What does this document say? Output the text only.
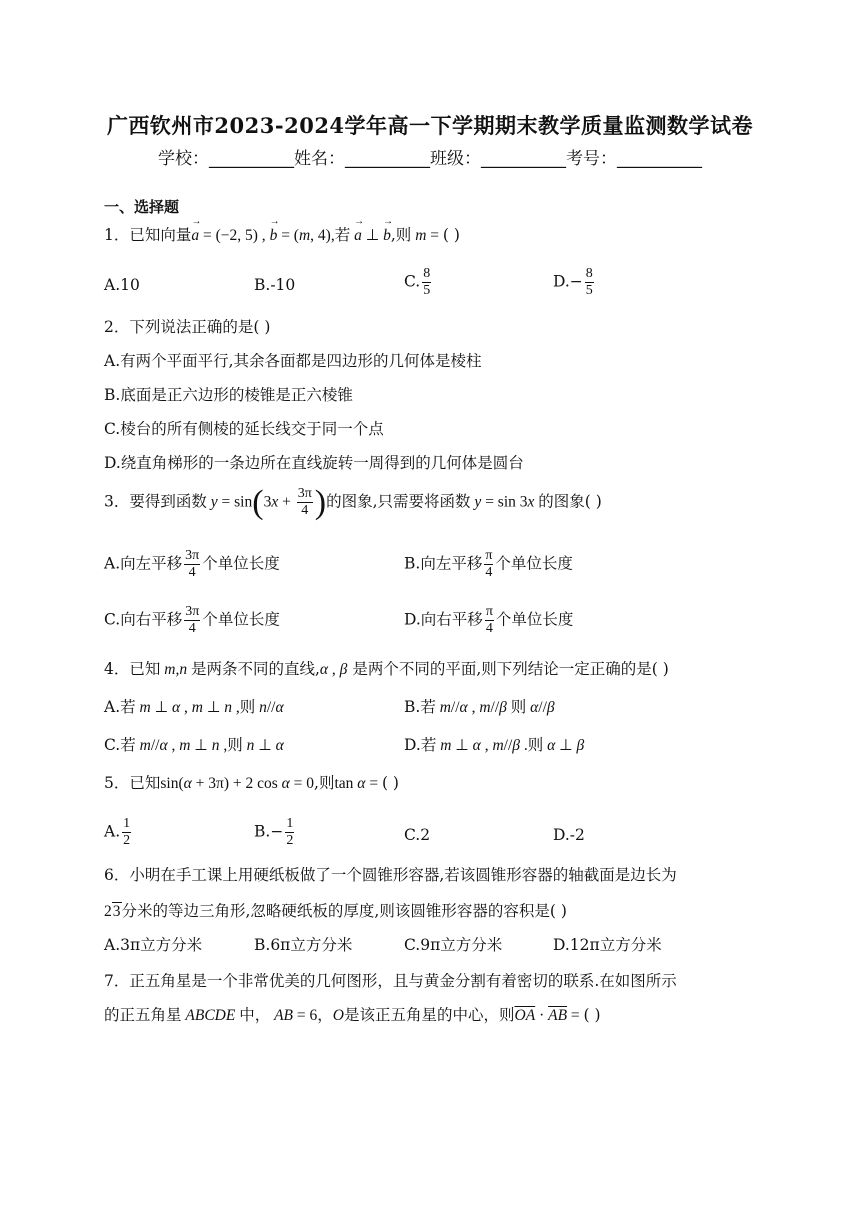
广西钦州市2023-2024学年高一下学期期末教学质量监测数学试卷
学校：__________姓名：__________班级：__________考号：__________
一、选择题
1．已知向量→ a = (−2, 5) , → b = (m, 4),若 → a ⊥ → b,则 m = ( )
A.10	B.-10	C. $\frac{8}{5}$	$D.- \frac{8}{5}$
2．下列说法正确的是( )
A.有两个平面平行,其余各面都是四边形的几何体是棱柱
B.底面是正六边形的棱锥是正六棱锥
C.棱台的所有侧棱的延长线交于同一个点
D.绕直角梯形的一条边所在直线旋转一周得到的几何体是圆台
3．要得到函数 $y = \sin(3x + \frac{3\pi}{4}$ )的图象,只需要将函数 y = sin 3x 的图象( )
A.向左平移 $\frac{3\pi}{4}$ 个单位长度	B.向左平移 $\frac{\pi}{4}$ 个单位长度
C.向右平移 $\frac{3\pi}{4}$ 个单位长度	D.向右平移 $\frac{\pi}{4}$ 个单位长度
4．已知 m,n 是两条不同的直线,α , β 是两个不同的平面,则下列结论一定正确的是( )
A.若 m ⊥ α , m ⊥ n ,则 n//α	B.若 m//α , m//β 则 α//β
C.若 m//α , m ⊥ n ,则 n ⊥ α	D.若 m ⊥ α , m//β .则 α ⊥ β
5．已知sin(α + 3π) + 2 cos α = 0,则tan α = ( )
A. $\frac{1}{2}$	$B.- \frac{1}{2}$	C.2	D.-2
6．小明在手工课上用硬纸板做了一个圆锥形容器,若该圆锥形容器的轴截面是边长为
23分米的等边三角形,忽略硬纸板的厚度,则该圆锥形容器的容积是( )
A.3π立方分米	B.6π立方分米	C.9π立方分米	D.12π立方分米
7．正五角星是一个非常优美的几何图形，且与黄金分割有着密切的联系.在如图所示
的正五角星 ABCDE 中， AB = 6，O是该正五角星的中心，则$\overline{OA} \cdot \overline{AB}$ = ( )
